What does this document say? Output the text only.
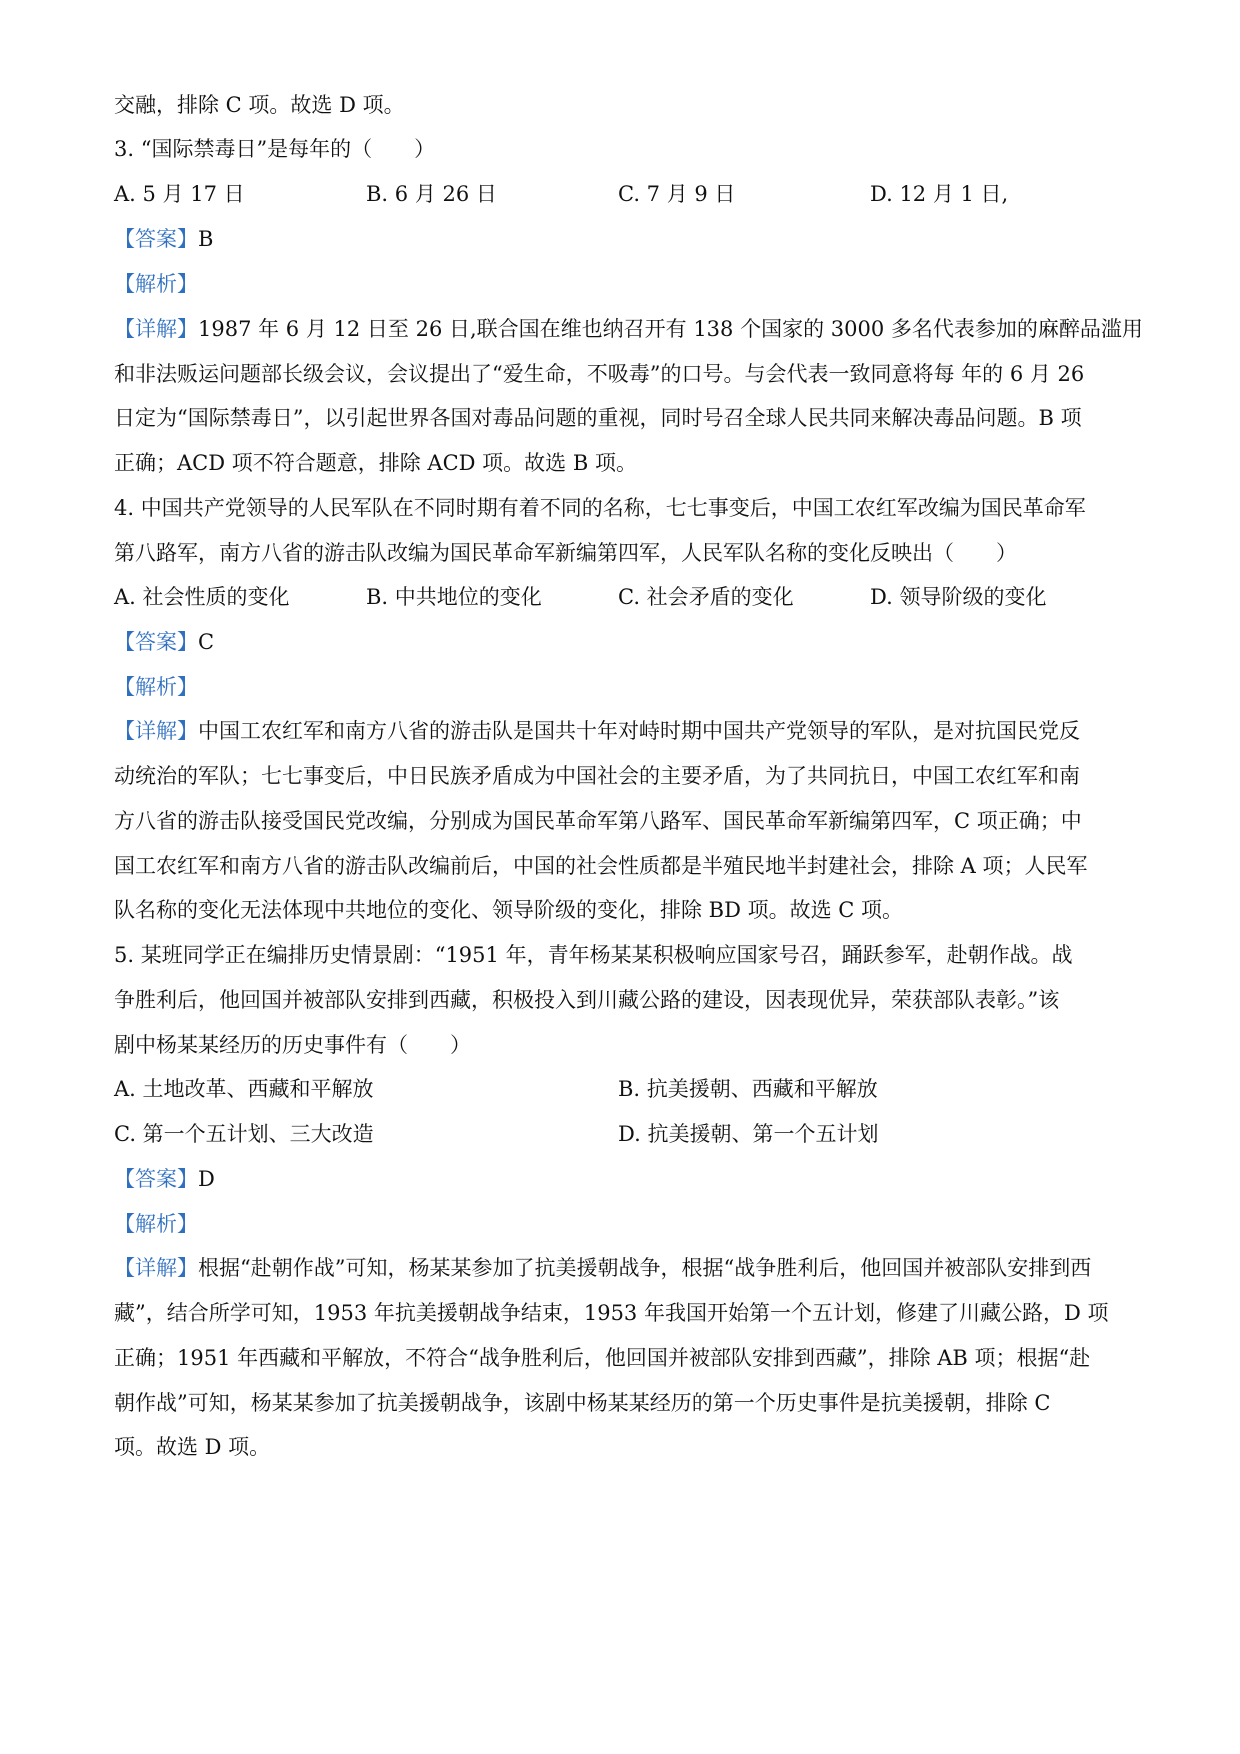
交融，排除 C 项。故选 D 项。
3. “国际禁毒日”是每年的（　　）
A. 5 月 17 日	B. 6 月 26 日	C. 7 月 9 日	D. 12 月 1 日,
【答案】B
【解析】
【详解】1987 年 6 月 12 日至 26 日,联合国在维也纳召开有 138 个国家的 3000 多名代表参加的麻醉品滥用
和非法贩运问题部长级会议，会议提出了“爱生命，不吸毒”的口号。与会代表一致同意将每 年的 6 月 26
日定为“国际禁毒日”，以引起世界各国对毒品问题的重视，同时号召全球人民共同来解决毒品问题。B 项
正确；ACD 项不符合题意，排除 ACD 项。故选 B 项。
4. 中国共产党领导的人民军队在不同时期有着不同的名称，七七事变后，中国工农红军改编为国民革命军
第八路军，南方八省的游击队改编为国民革命军新编第四军，人民军队名称的变化反映出（　　）
A. 社会性质的变化	B. 中共地位的变化	C. 社会矛盾的变化	D. 领导阶级的变化
【答案】C
【解析】
【详解】中国工农红军和南方八省的游击队是国共十年对峙时期中国共产党领导的军队，是对抗国民党反
动统治的军队；七七事变后，中日民族矛盾成为中国社会的主要矛盾，为了共同抗日，中国工农红军和南
方八省的游击队接受国民党改编，分别成为国民革命军第八路军、国民革命军新编第四军，C 项正确；中
国工农红军和南方八省的游击队改编前后，中国的社会性质都是半殖民地半封建社会，排除 A 项；人民军
队名称的变化无法体现中共地位的变化、领导阶级的变化，排除 BD 项。故选 C 项。
5. 某班同学正在编排历史情景剧：“1951 年，青年杨某某积极响应国家号召，踊跃参军，赴朝作战。战
争胜利后，他回国并被部队安排到西藏，积极投入到川藏公路的建设，因表现优异，荣获部队表彰。”该
剧中杨某某经历的历史事件有（　　）
A. 土地改革、西藏和平解放	B. 抗美援朝、西藏和平解放
C. 第一个五计划、三大改造	D. 抗美援朝、第一个五计划
【答案】D
【解析】
【详解】根据“赴朝作战”可知，杨某某参加了抗美援朝战争，根据“战争胜利后，他回国并被部队安排到西
藏”，结合所学可知，1953 年抗美援朝战争结束，1953 年我国开始第一个五计划，修建了川藏公路，D 项
正确；1951 年西藏和平解放，不符合“战争胜利后，他回国并被部队安排到西藏”，排除 AB 项；根据“赴
朝作战”可知，杨某某参加了抗美援朝战争，该剧中杨某某经历的第一个历史事件是抗美援朝，排除 C
项。故选 D 项。
